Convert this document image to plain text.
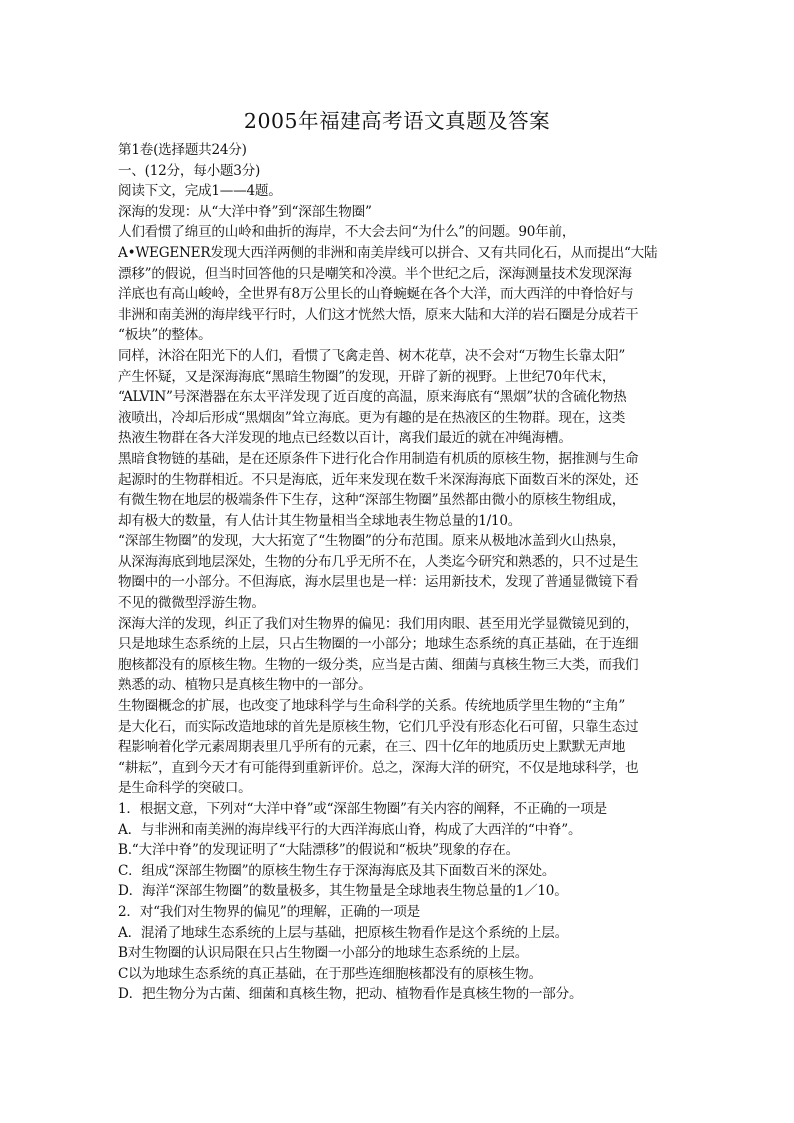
2005年福建高考语文真题及答案
第1卷(选择题共24分)
一、(12分，每小题3分)
阅读下文，完成1——4题。
深海的发现：从“大洋中脊”到“深部生物圈”
人们看惯了绵亘的山岭和曲折的海岸，不大会去问“为什么”的问题。90年前，
A•WEGENER发现大西洋两侧的非洲和南美岸线可以拼合、又有共同化石，从而提出“大陆
漂移”的假说，但当时回答他的只是嘲笑和冷漠。半个世纪之后，深海测量技术发现深海
洋底也有高山峻岭，全世界有8万公里长的山脊蜿蜒在各个大洋，而大西洋的中脊恰好与
非洲和南美洲的海岸线平行时，人们这才恍然大悟，原来大陆和大洋的岩石圈是分成若干
“板块”的整体。
同样，沐浴在阳光下的人们，看惯了飞禽走兽、树木花草，决不会对“万物生长靠太阳”
产生怀疑，又是深海海底“黑暗生物圈”的发现，开辟了新的视野。上世纪70年代末，
“ALVIN”号深潜器在东太平洋发现了近百度的高温，原来海底有“黑烟”状的含硫化物热
液喷出，冷却后形成“黑烟囱”耸立海底。更为有趣的是在热液区的生物群。现在，这类
热液生物群在各大洋发现的地点已经数以百计，离我们最近的就在冲绳海槽。
黑暗食物链的基础，是在还原条件下进行化合作用制造有机质的原核生物，据推测与生命
起源时的生物群相近。不只是海底，近年来发现在数千米深海海底下面数百米的深处，还
有微生物在地层的极端条件下生存，这种“深部生物圈”虽然都由微小的原核生物组成，
却有极大的数量，有人估计其生物量相当全球地表生物总量的1/10。
“深部生物圈”的发现，大大拓宽了“生物圈”的分布范围。原来从极地冰盖到火山热泉，
从深海海底到地层深处，生物的分布几乎无所不在，人类迄今研究和熟悉的，只不过是生
物圈中的一小部分。不但海底，海水层里也是一样：运用新技术，发现了普通显微镜下看
不见的微微型浮游生物。
深海大洋的发现，纠正了我们对生物界的偏见：我们用肉眼、甚至用光学显微镜见到的，
只是地球生态系统的上层，只占生物圈的一小部分；地球生态系统的真正基础，在于连细
胞核都没有的原核生物。生物的一级分类，应当是古菌、细菌与真核生物三大类，而我们
熟悉的动、植物只是真核生物中的一部分。
生物圈概念的扩展，也改变了地球科学与生命科学的关系。传统地质学里生物的“主角”
是大化石，而实际改造地球的首先是原核生物，它们几乎没有形态化石可留，只靠生态过
程影响着化学元素周期表里几乎所有的元素，在三、四十亿年的地质历史上默默无声地
“耕耘”，直到今天才有可能得到重新评价。总之，深海大洋的研究，不仅是地球科学，也
是生命科学的突破口。
1．根据文意，下列对“大洋中脊”或“深部生物圈”有关内容的阐释，不正确的一项是
A．与非洲和南美洲的海岸线平行的大西洋海底山脊，构成了大西洋的“中脊”。
B.“大洋中脊”的发现证明了“大陆漂移”的假说和“板块”现象的存在。
C．组成“深部生物圈”的原核生物生存于深海海底及其下面数百米的深处。
D．海洋“深部生物圈”的数量极多，其生物量是全球地表生物总量的1／10。
2．对“我们对生物界的偏见”的理解，正确的一项是
A．混淆了地球生态系统的上层与基础，把原核生物看作是这个系统的上层。
B对生物圈的认识局限在只占生物圈一小部分的地球生态系统的上层。
C以为地球生态系统的真正基础，在于那些连细胞核都没有的原核生物。
D．把生物分为古菌、细菌和真核生物，把动、植物看作是真核生物的一部分。
